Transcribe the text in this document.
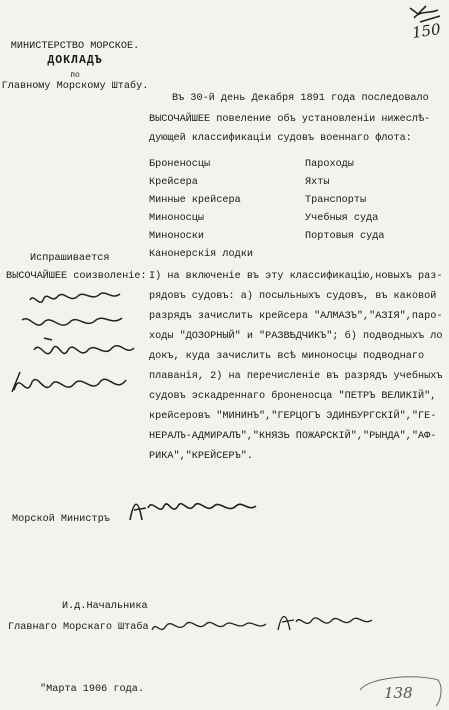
МИНИСТЕРСТВО МОРСКОЕ.
ДОКЛАДЪ
по
Главному Морскому Штабу.
150
138
Въ 30-й день Декабря 1891 года последовало
ВЫСОЧАЙШЕЕ повеление объ установленiи нижеслѣ-
дующей классификацiи судовъ военнаго флота:
Броненосцы
Крейсера
Минные крейсера
Миноносцы
Миноноски
Канонерскiя лодки
Пароходы
Яхты
Транспорты
Учебныя суда
Портовыя суда
Испрашивается
ВЫСОЧАЙШЕЕ соизволенiе: I) на включенiе въ эту классификацiю,новыхъ раз-
рядовъ судовъ: а) посыльныхъ судовъ, въ каковой
разрядъ зачислить крейсера "АЛМАЗЪ","АЗIЯ",паро-
ходы "ДОЗОРНЫЙ" и "РАЗВѢДЧИКЪ"; б) подводныхъ ло
докъ, куда зачислить всѣ миноносцы подводнаго
плаванiя, 2) на перечисленiе въ разрядъ учебныхъ
судовъ эскадреннаго броненосца "ПЕТРЪ ВЕЛИКIЙ",
крейсеровъ "МИНИНЪ","ГЕРЦОГЪ ЭДИНБУРГСКIЙ","ГЕ-
НЕРАЛЪ-АДМИРАЛЪ","КНЯЗЬ ПОЖАРСКIЙ","РЫНДА","АФ-
РИКА","КРЕЙСЕРЪ".
Морской Министръ
И.д.Начальника
Главнаго Морскаго Штаба
"Марта 1906 года.
